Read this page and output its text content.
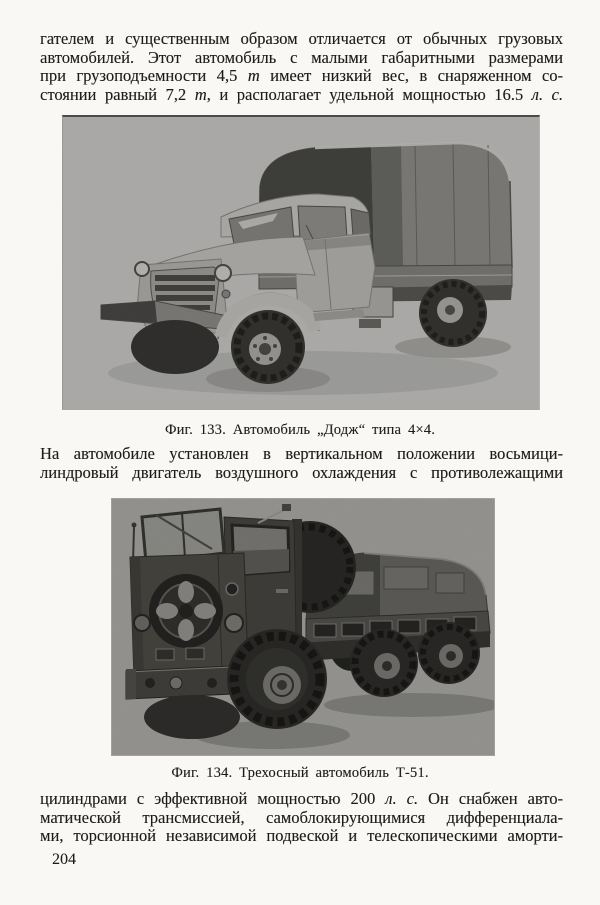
гателем и существенным образом отличается от обычных грузовых
автомобилей. Этот автомобиль с малыми габаритными размерами
при грузоподъемности 4,5 т имеет низкий вес, в снаряженном со-
стоянии равный 7,2 т, и располагает удельной мощностью 16.5 л. с.
Фиг. 133. Автомобиль „Додж“ типа 4×4.
На автомобиле установлен в вертикальном положении восьмици-
линдровый двигатель воздушного охлаждения с противолежащими
Фиг. 134. Трехосный автомобиль Т-51.
цилиндрами с эффективной мощностью 200 л. с. Он снабжен авто-
матической трансмиссией, самоблокирующимися дифференциала-
ми, торсионной независимой подвеской и телескопическими аморти-
204
